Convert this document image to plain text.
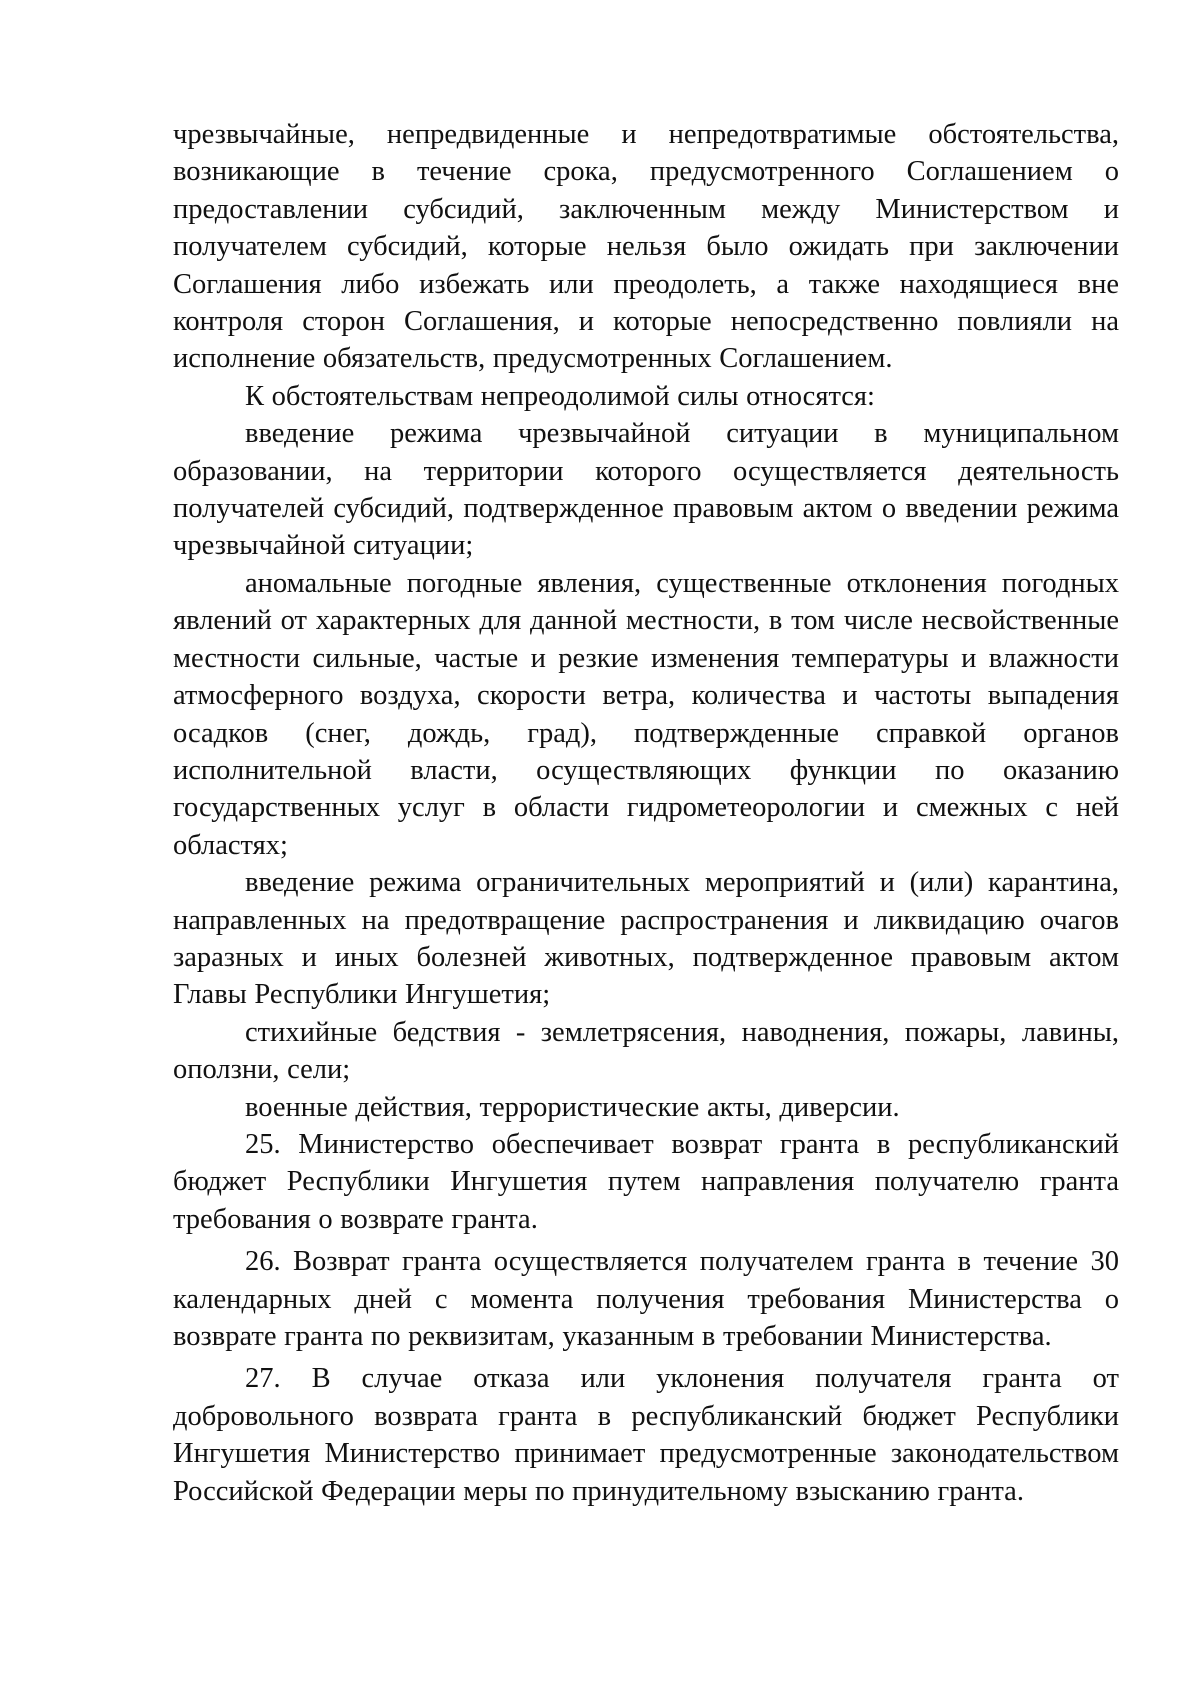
чрезвычайные, непредвиденные и непредотвратимые обстоятельства, возникающие в течение срока, предусмотренного Соглашением о предоставлении субсидий, заключенным между Министерством и получателем субсидий, которые нельзя было ожидать при заключении Соглашения либо избежать или преодолеть, а также находящиеся вне контроля сторон Соглашения, и которые непосредственно повлияли на исполнение обязательств, предусмотренных Соглашением.

К обстоятельствам непреодолимой силы относятся:

введение режима чрезвычайной ситуации в муниципальном образовании, на территории которого осуществляется деятельность получателей субсидий, подтвержденное правовым актом о введении режима чрезвычайной ситуации;

аномальные погодные явления, существенные отклонения погодных явлений от характерных для данной местности, в том числе несвойственные местности сильные, частые и резкие изменения температуры и влажности атмосферного воздуха, скорости ветра, количества и частоты выпадения осадков (снег, дождь, град), подтвержденные справкой органов исполнительной власти, осуществляющих функции по оказанию государственных услуг в области гидрометеорологии и смежных с ней областях;

введение режима ограничительных мероприятий и (или) карантина, направленных на предотвращение распространения и ликвидацию очагов заразных и иных болезней животных, подтвержденное правовым актом Главы Республики Ингушетия;

стихийные бедствия - землетрясения, наводнения, пожары, лавины, оползни, сели;

военные действия, террористические акты, диверсии.

25. Министерство обеспечивает возврат гранта в республиканский бюджет Республики Ингушетия путем направления получателю гранта требования о возврате гранта.

26. Возврат гранта осуществляется получателем гранта в течение 30 календарных дней с момента получения требования Министерства о возврате гранта по реквизитам, указанным в требовании Министерства.

27. В случае отказа или уклонения получателя гранта от добровольного возврата гранта в республиканский бюджет Республики Ингушетия Министерство принимает предусмотренные законодательством Российской Федерации меры по принудительному взысканию гранта.
